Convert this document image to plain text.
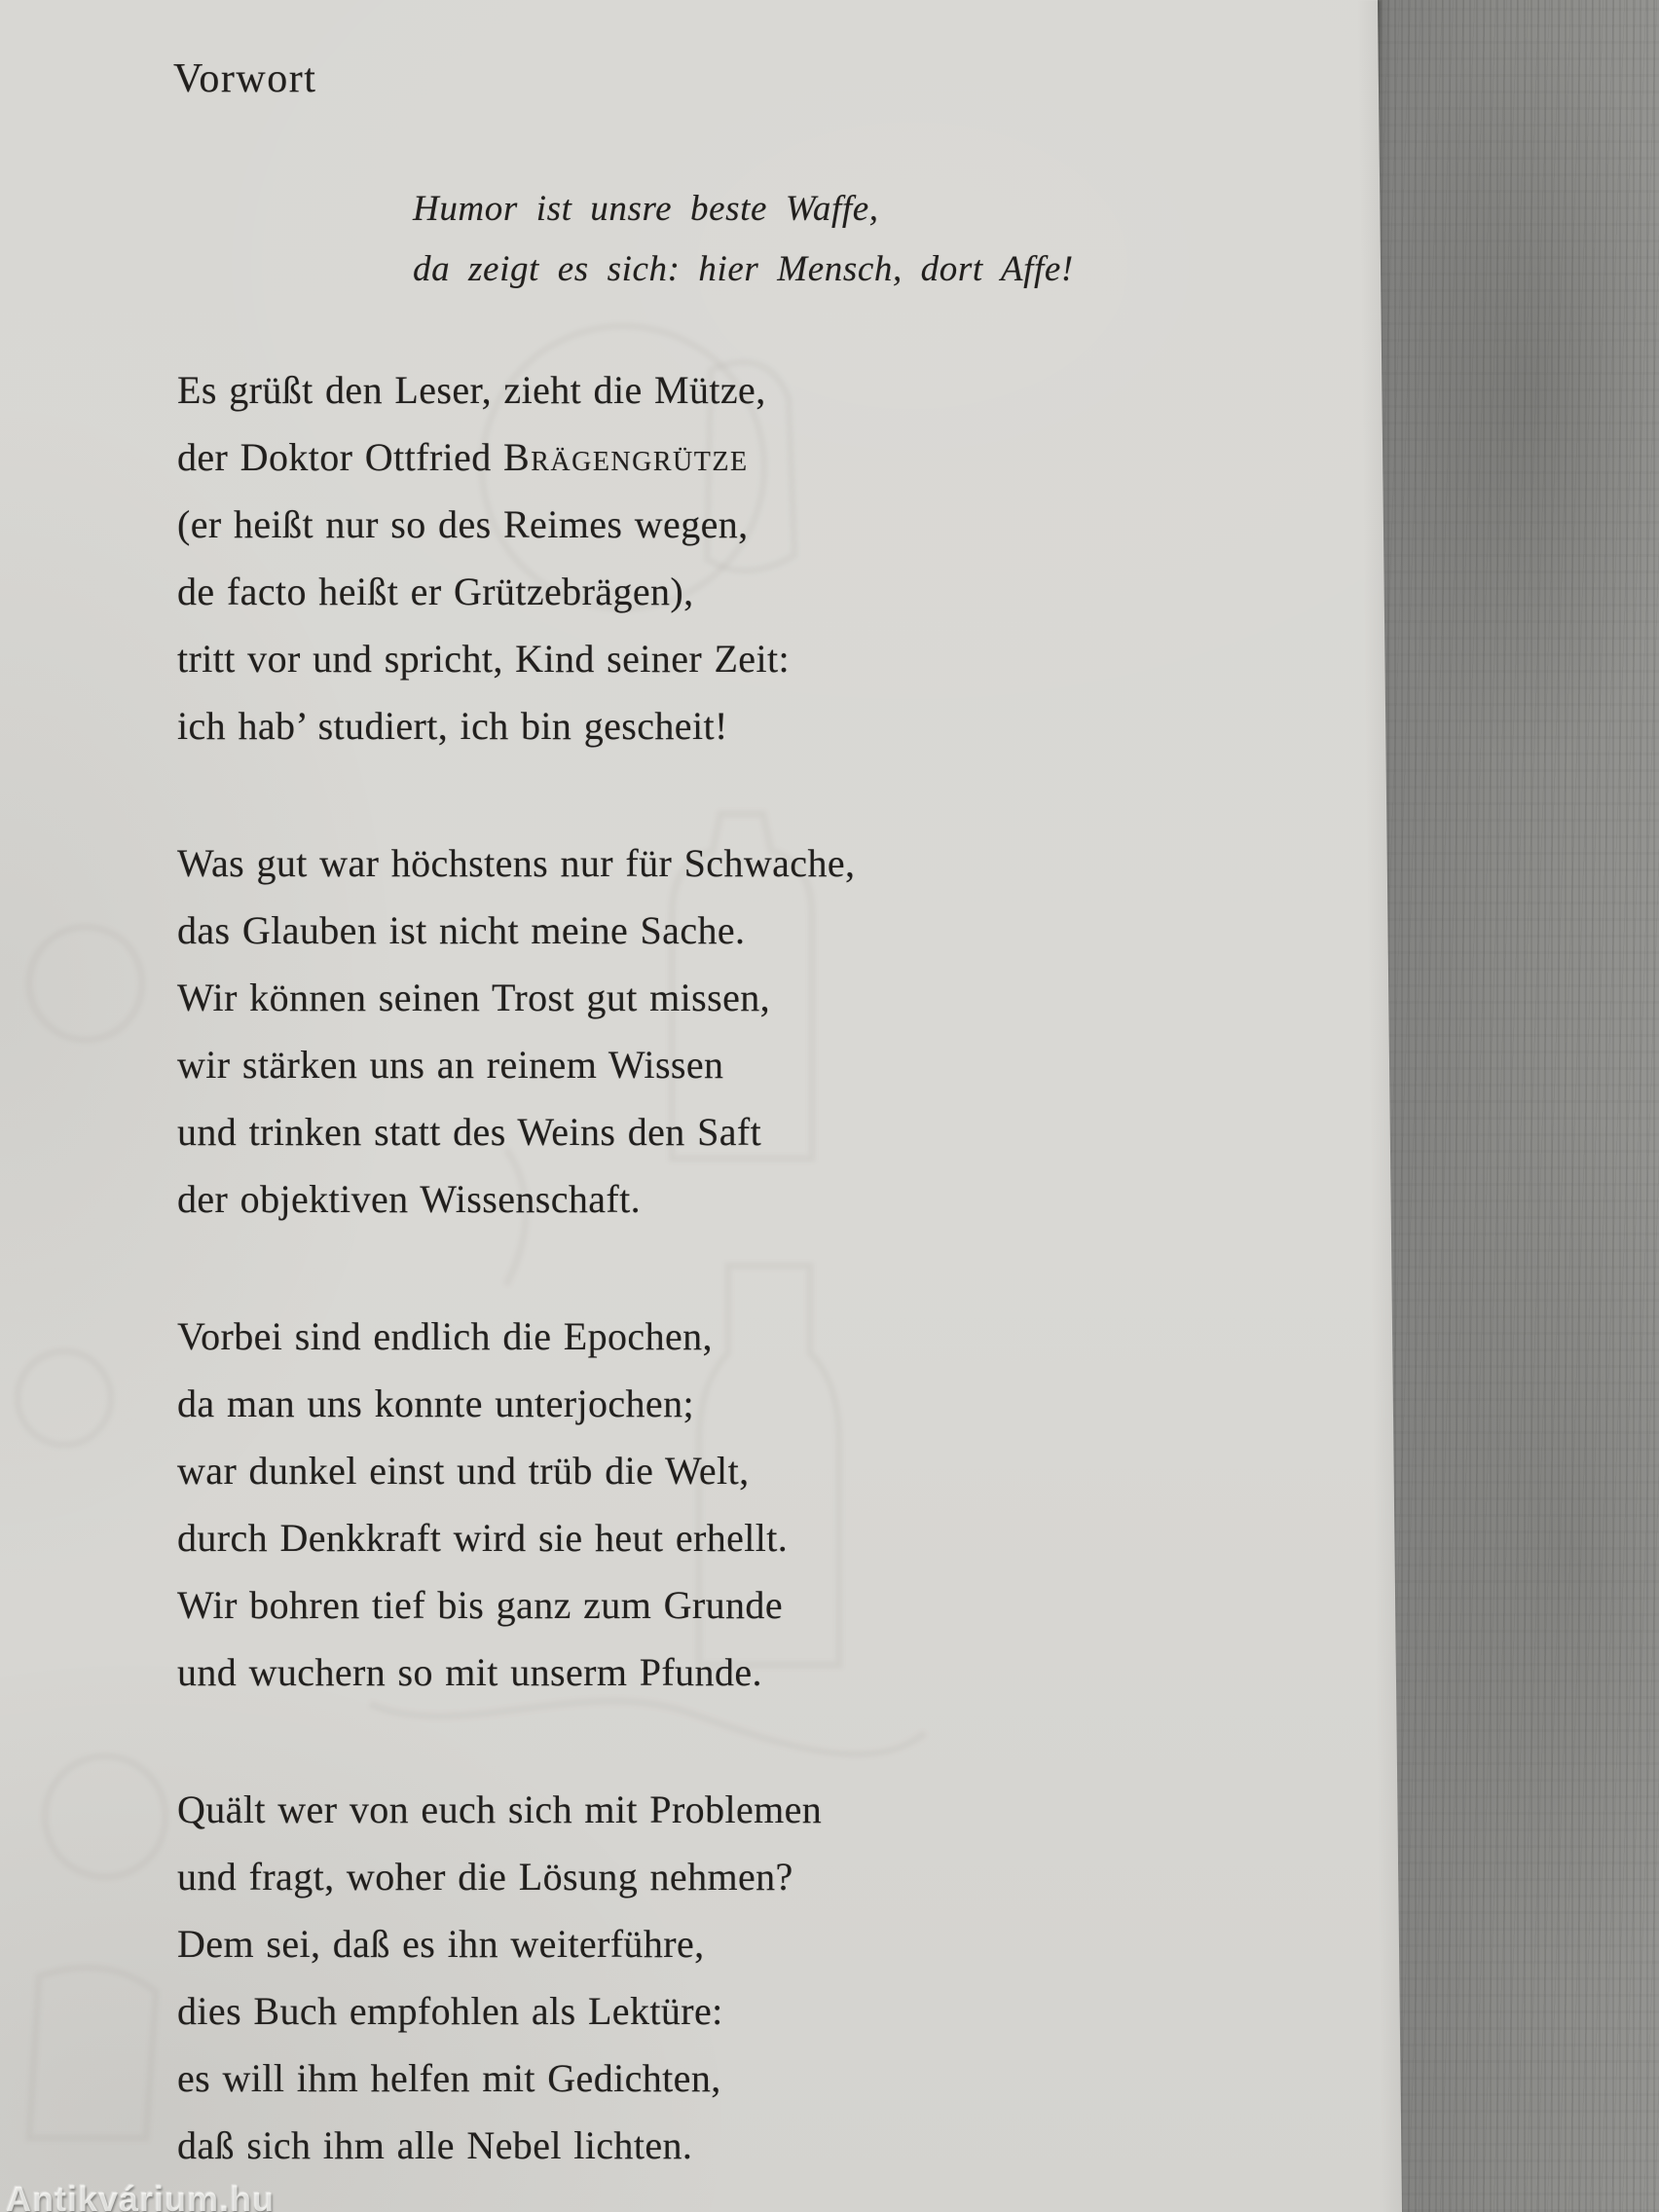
Vorwort
Humor ist unsre beste Waffe,
da zeigt es sich: hier Mensch, dort Affe!
Es grüßt den Leser, zieht die Mütze,
der Doktor Ottfried Brägengrütze
(er heißt nur so des Reimes wegen,
de facto heißt er Grützebrägen),
tritt vor und spricht, Kind seiner Zeit:
ich hab’ studiert, ich bin gescheit!
Was gut war höchstens nur für Schwache,
das Glauben ist nicht meine Sache.
Wir können seinen Trost gut missen,
wir stärken uns an reinem Wissen
und trinken statt des Weins den Saft
der objektiven Wissenschaft.
Vorbei sind endlich die Epochen,
da man uns konnte unterjochen;
war dunkel einst und trüb die Welt,
durch Denkkraft wird sie heut erhellt.
Wir bohren tief bis ganz zum Grunde
und wuchern so mit unserm Pfunde.
Quält wer von euch sich mit Problemen
und fragt, woher die Lösung nehmen?
Dem sei, daß es ihn weiterführe,
dies Buch empfohlen als Lektüre:
es will ihm helfen mit Gedichten,
daß sich ihm alle Nebel lichten.
Antikvárium.hu
